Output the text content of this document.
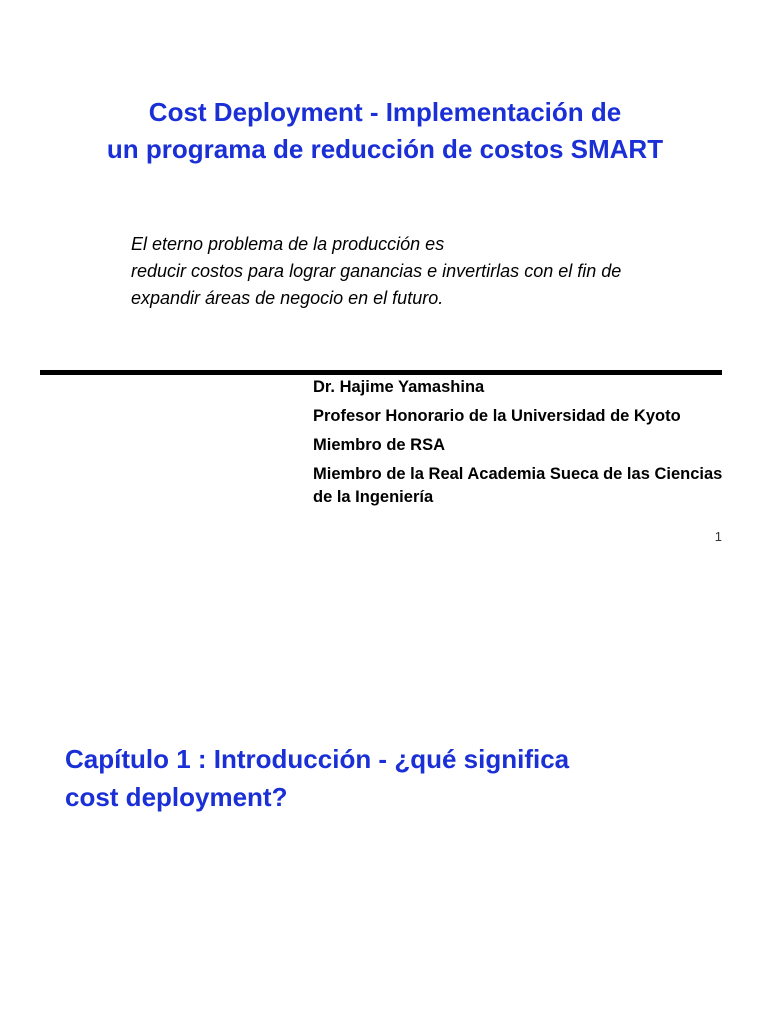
Cost Deployment - Implementación de
un programa de reducción de costos SMART

El eterno problema de la producción es
reducir costos para lograr ganancias e invertirlas con el fin de
expandir áreas de negocio en el futuro.

Dr. Hajime Yamashina
Profesor Honorario de la Universidad de Kyoto
Miembro de RSA
Miembro de la Real Academia Sueca de las Ciencias de la Ingeniería
1
Capítulo 1 : Introducción - ¿qué significa
cost deployment?
